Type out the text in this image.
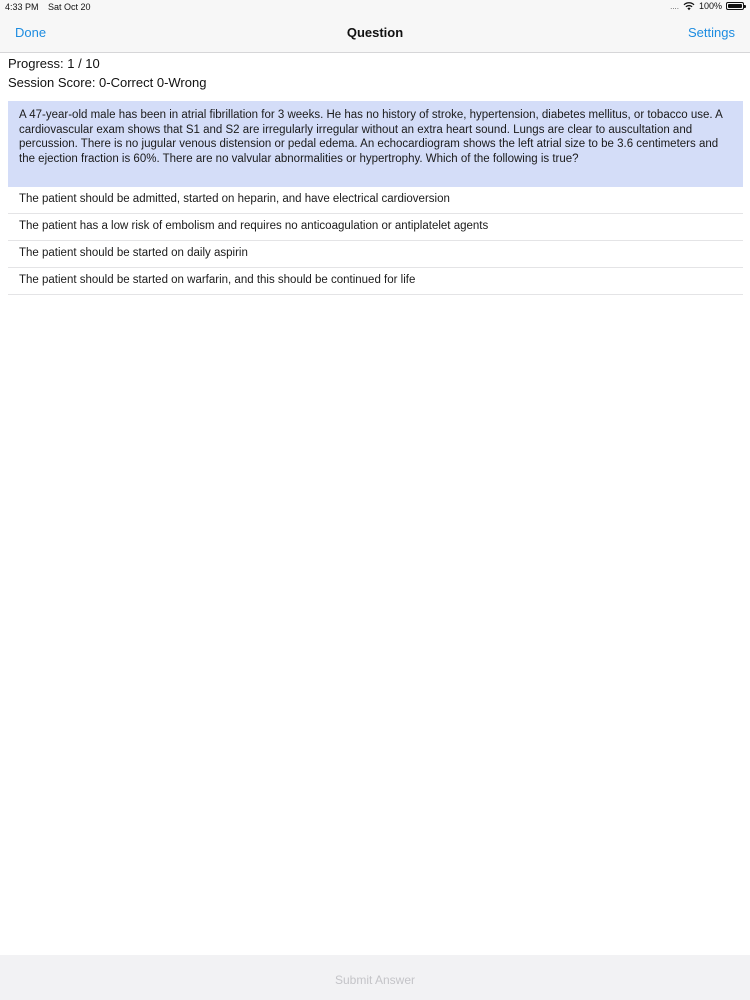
4:33 PM Sat Oct 20	.... 100%
Done	Question	Settings
Progress: 1 / 10
Session Score: 0-Correct 0-Wrong
A 47-year-old male has been in atrial fibrillation for 3 weeks. He has no history of stroke, hypertension, diabetes mellitus, or tobacco use. A cardiovascular exam shows that S1 and S2 are irregularly irregular without an extra heart sound. Lungs are clear to auscultation and percussion. There is no jugular venous distension or pedal edema. An echocardiogram shows the left atrial size to be 3.6 centimeters and the ejection fraction is 60%. There are no valvular abnormalities or hypertrophy. Which of the following is true?
The patient should be admitted, started on heparin, and have electrical cardioversion
The patient has a low risk of embolism and requires no anticoagulation or antiplatelet agents
The patient should be started on daily aspirin
The patient should be started on warfarin, and this should be continued for life
Submit Answer
